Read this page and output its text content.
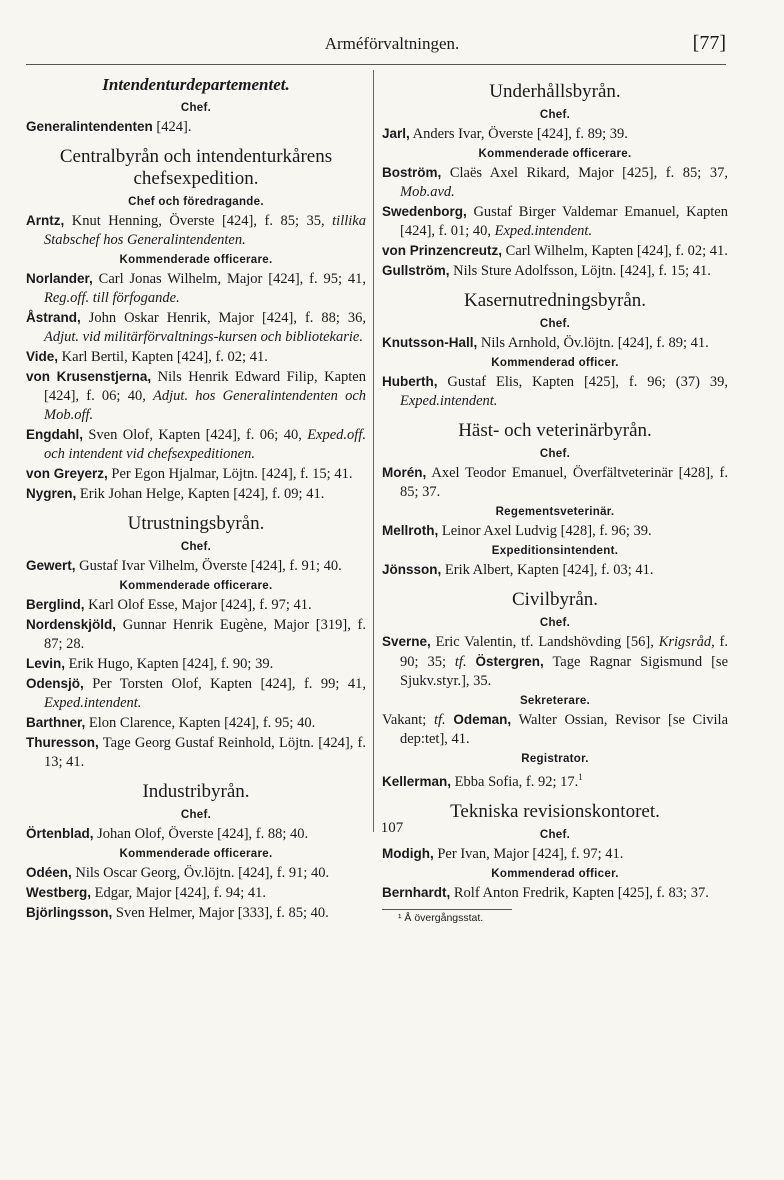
Arméförvaltningen.	[77]
Intendenturdepartementet.
Chef.
Generalintendenten [424].
Centralbyrån och intendenturkårens chefsexpedition.
Chef och föredragande.
Arntz, Knut Henning, Överste [424], f. 85; 35, tillika Stabschef hos Generalintendenten.
Kommenderade officerare.
Norlander, Carl Jonas Wilhelm, Major [424], f. 95; 41, Reg.off. till förfogande.
Åstrand, John Oskar Henrik, Major [424], f. 88; 36, Adjut. vid militärförvaltnings-kursen och bibliotekarie.
Vide, Karl Bertil, Kapten [424], f. 02; 41.
von Krusenstjerna, Nils Henrik Edward Filip, Kapten [424], f. 06; 40, Adjut. hos Generalintendenten och Mob.off.
Engdahl, Sven Olof, Kapten [424], f. 06; 40, Exped.off. och intendent vid chefsexpeditionen.
von Greyerz, Per Egon Hjalmar, Löjtn. [424], f. 15; 41.
Nygren, Erik Johan Helge, Kapten [424], f. 09; 41.
Utrustningsbyrån.
Chef.
Gewert, Gustaf Ivar Vilhelm, Överste [424], f. 91; 40.
Kommenderade officerare.
Berglind, Karl Olof Esse, Major [424], f. 97; 41.
Nordenskjöld, Gunnar Henrik Eugène, Major [319], f. 87; 28.
Levin, Erik Hugo, Kapten [424], f. 90; 39.
Odensjö, Per Torsten Olof, Kapten [424], f. 99; 41, Exped.intendent.
Barthner, Elon Clarence, Kapten [424], f. 95; 40.
Thuresson, Tage Georg Gustaf Reinhold, Löjtn. [424], f. 13; 41.
Industribyrån.
Chef.
Örtenblad, Johan Olof, Överste [424], f. 88; 40.
Kommenderade officerare.
Odéen, Nils Oscar Georg, Öv.löjtn. [424], f. 91; 40.
Westberg, Edgar, Major [424], f. 94; 41.
Björlingsson, Sven Helmer, Major [333], f. 85; 40.
Underhållsbyrån.
Chef.
Jarl, Anders Ivar, Överste [424], f. 89; 39.
Kommenderade officerare.
Boström, Claës Axel Rikard, Major [425], f. 85; 37, Mob.avd.
Swedenborg, Gustaf Birger Valdemar Emanuel, Kapten [424], f. 01; 40, Exped.intendent.
von Prinzencreutz, Carl Wilhelm, Kapten [424], f. 02; 41.
Gullström, Nils Sture Adolfsson, Löjtn. [424], f. 15; 41.
Kasernutredningsbyrån.
Chef.
Knutsson-Hall, Nils Arnhold, Öv.löjtn. [424], f. 89; 41.
Kommenderad officer.
Huberth, Gustaf Elis, Kapten [425], f. 96; (37) 39, Exped.intendent.
Häst- och veterinärbyrån.
Chef.
Morén, Axel Teodor Emanuel, Överfältveterinär [428], f. 85; 37.
Regementsveterinär.
Mellroth, Leinor Axel Ludvig [428], f. 96; 39.
Expeditionsintendent.
Jönsson, Erik Albert, Kapten [424], f. 03; 41.
Civilbyrån.
Chef.
Sverne, Eric Valentin, tf. Landshövding [56], Krigsråd, f. 90; 35; tf. Östergren, Tage Ragnar Sigismund [se Sjukv.styr.], 35.
Sekreterare.
Vakant; tf. Odeman, Walter Ossian, Revisor [se Civila dep:tet], 41.
Registrator.
Kellerman, Ebba Sofia, f. 92; 17.$^1$
Tekniska revisionskontoret.
Chef.
Modigh, Per Ivan, Major [424], f. 97; 41.
Kommenderad officer.
Bernhardt, Rolf Anton Fredrik, Kapten [425], f. 83; 37.
¹ Å övergångsstat.
107
